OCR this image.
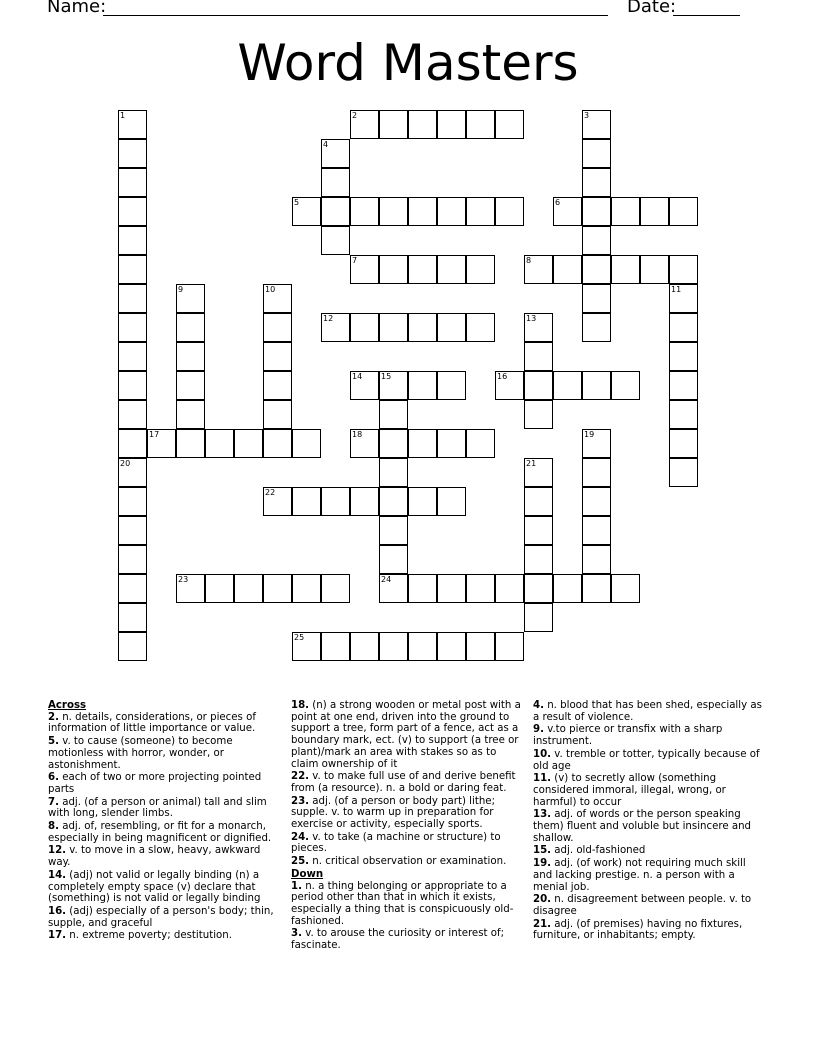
Name:	Date:
Word Masters
1
20
2	3
4
5	6
7	8
9	10	11
12	13
14 15	16
17	18	19
21
22
23	24
25
Across
2. n. details, considerations, or pieces of information of little importance or value.
5. v. to cause (someone) to become motionless with horror, wonder, or astonishment.
6. each of two or more projecting pointed parts
7. adj. (of a person or animal) tall and slim with long, slender limbs.
8. adj. of, resembling, or fit for a monarch, especially in being magnificent or dignified.
12. v. to move in a slow, heavy, awkward way.
14. (adj) not valid or legally binding (n) a completely empty space (v) declare that (something) is not valid or legally binding
16. (adj) especially of a person's body; thin, supple, and graceful
17. n. extreme poverty; destitution.
18. (n) a strong wooden or metal post with a point at one end, driven into the ground to support a tree, form part of a fence, act as a boundary mark, ect. (v) to support (a tree or plant)/mark an area with stakes so as to claim ownership of it
22. v. to make full use of and derive benefit from (a resource). n. a bold or daring feat.
23. adj. (of a person or body part) lithe; supple. v. to warm up in preparation for exercise or activity, especially sports.
24. v. to take (a machine or structure) to pieces.
25. n. critical observation or examination.
Down
1. n. a thing belonging or appropriate to a period other than that in which it exists, especially a thing that is conspicuously old-fashioned.
3. v. to arouse the curiosity or interest of; fascinate.
4. n. blood that has been shed, especially as a result of violence.
9. v.to pierce or transfix with a sharp instrument.
10. v. tremble or totter, typically because of old age
11. (v) to secretly allow (something considered immoral, illegal, wrong, or harmful) to occur
13. adj. of words or the person speaking them) fluent and voluble but insincere and shallow.
15. adj. old-fashioned
19. adj. (of work) not requiring much skill and lacking prestige. n. a person with a menial job.
20. n. disagreement between people. v. to disagree
21. adj. (of premises) having no fixtures, furniture, or inhabitants; empty.
